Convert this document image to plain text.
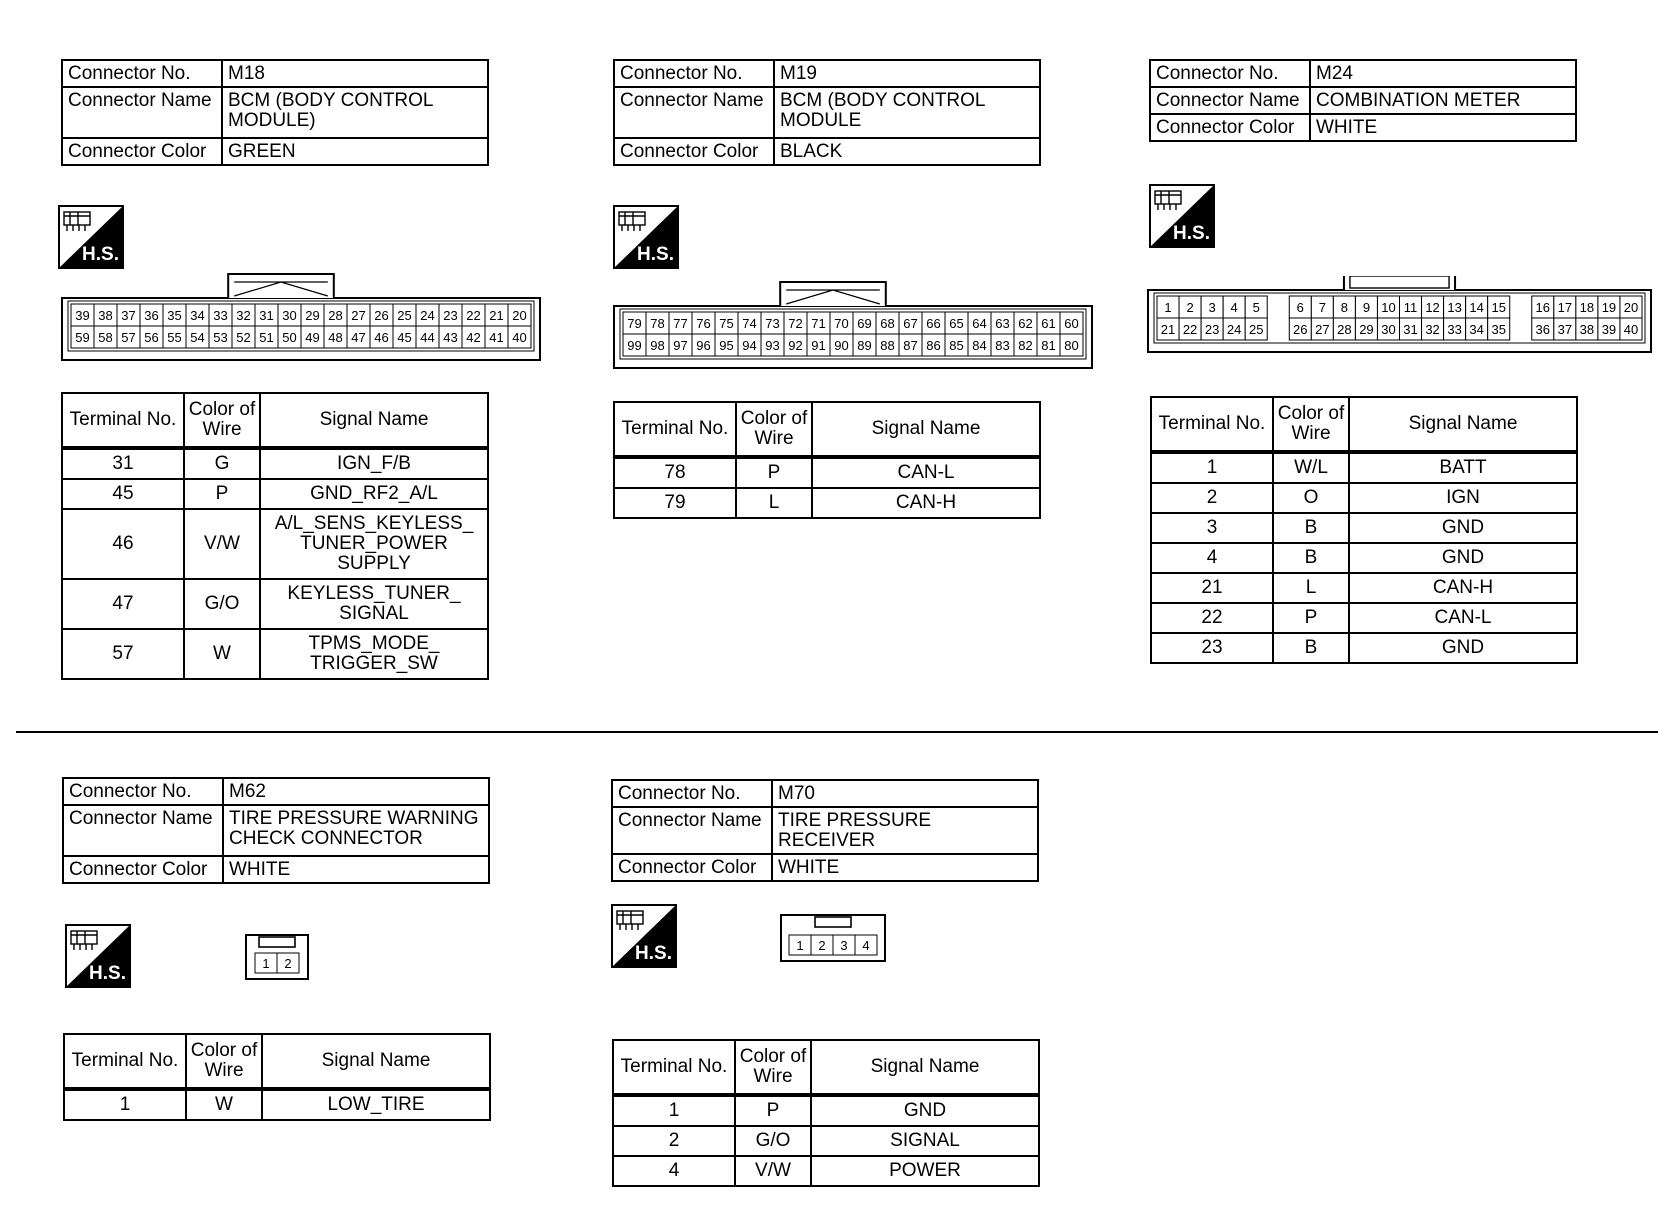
Connector No.	M18
Connector Name	BCM (BODY CONTROL MODULE)
Connector Color	GREEN
H.S.
39 38 37 36 35 34 33 32 31 30 29 28 27 26 25 24 23 22 21 20
59 58 57 56 55 54 53 52 51 50 49 48 47 46 45 44 43 42 41 40
Terminal No.	Color of Wire	Signal Name
31	G	IGN_F/B
45	P	GND_RF2_A/L
46	V/W	A/L_SENS_KEYLESS_ TUNER_POWER SUPPLY
47	G/O	KEYLESS_TUNER_ SIGNAL
57	W	TPMS_MODE_ TRIGGER_SW
Connector No.	M19
Connector Name	BCM (BODY CONTROL MODULE
Connector Color	BLACK
H.S.
79 78 77 76 75 74 73 72 71 70 69 68 67 66 65 64 63 62 61 60
99 98 97 96 95 94 93 92 91 90 89 88 87 86 85 84 83 82 81 80
Terminal No.	Color of Wire	Signal Name
78	P	CAN-L
79	L	CAN-H
Connector No.	M24
Connector Name	COMBINATION METER
Connector Color	WHITE
H.S.
1 2 3 4 5	6 7 8 9 10 11 12 13 14 15 16 17 18 19 20
21 22 23 24 25 26 27 28 29 30 31 32 33 34 35 36 37 38 39 40
Terminal No.	Color of Wire	Signal Name
1	W/L	BATT
2	O	IGN
3	B	GND
4	B	GND
21	L	CAN-H
22	P	CAN-L
23	B	GND
Connector No.	M62
Connector Name	TIRE PRESSURE WARNING CHECK CONNECTOR
Connector Color	WHITE
H.S.	1 2
Terminal No.	Color of Wire	Signal Name
1	W	LOW_TIRE
Connector No.	M70
Connector Name	TIRE PRESSURE RECEIVER
Connector Color	WHITE
H.S.	1 2 3 4
Terminal No.	Color of Wire	Signal Name
1	P	GND
2	G/O	SIGNAL
4	V/W	POWER
